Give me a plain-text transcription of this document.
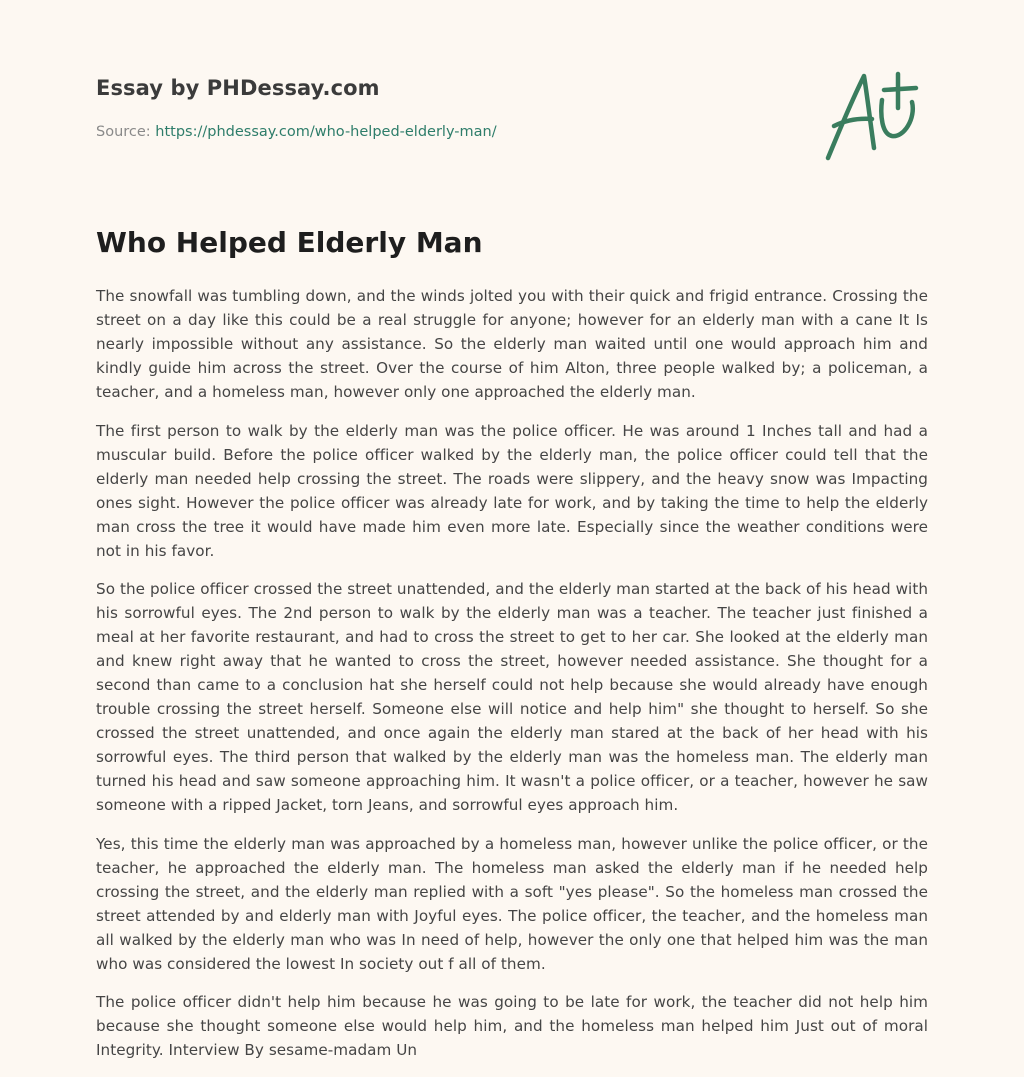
Essay by PHDessay.com
Source: https://phdessay.com/who-helped-elderly-man/
Who Helped Elderly Man

The snowfall was tumbling down, and the winds jolted you with their quick and frigid entrance. Crossing the street on a day like this could be a real struggle for anyone; however for an elderly man with a cane It Is nearly impossible without any assistance. So the elderly man waited until one would approach him and kindly guide him across the street. Over the course of him Alton, three people walked by; a policeman, a teacher, and a homeless man, however only one approached the elderly man.

The first person to walk by the elderly man was the police officer. He was around 1 Inches tall and had a muscular build. Before the police officer walked by the elderly man, the police officer could tell that the elderly man needed help crossing the street. The roads were slippery, and the heavy snow was Impacting ones sight. However the police officer was already late for work, and by taking the time to help the elderly man cross the tree it would have made him even more late. Especially since the weather conditions were not in his favor.

So the police officer crossed the street unattended, and the elderly man started at the back of his head with his sorrowful eyes. The 2nd person to walk by the elderly man was a teacher. The teacher just finished a meal at her favorite restaurant, and had to cross the street to get to her car. She looked at the elderly man and knew right away that he wanted to cross the street, however needed assistance. She thought for a second than came to a conclusion hat she herself could not help because she would already have enough trouble crossing the street herself. Someone else will notice and help him" she thought to herself. So she crossed the street unattended, and once again the elderly man stared at the back of her head with his sorrowful eyes. The third person that walked by the elderly man was the homeless man. The elderly man turned his head and saw someone approaching him. It wasn't a police officer, or a teacher, however he saw someone with a ripped Jacket, torn Jeans, and sorrowful eyes approach him.

Yes, this time the elderly man was approached by a homeless man, however unlike the police officer, or the teacher, he approached the elderly man. The homeless man asked the elderly man if he needed help crossing the street, and the elderly man replied with a soft "yes please". So the homeless man crossed the street attended by and elderly man with Joyful eyes. The police officer, the teacher, and the homeless man all walked by the elderly man who was In need of help, however the only one that helped him was the man who was considered the lowest In society out f all of them.

The police officer didn't help him because he was going to be late for work, the teacher did not help him because she thought someone else would help him, and the homeless man helped him Just out of moral Integrity. Interview By sesame-madam Un
